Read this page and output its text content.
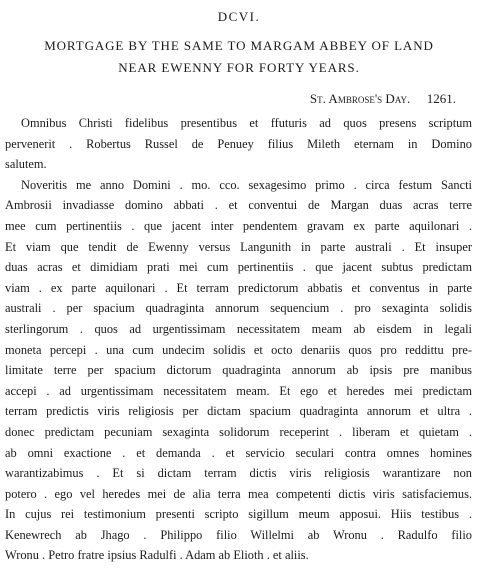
DCVI.
MORTGAGE BY THE SAME TO MARGAM ABBEY OF LAND
NEAR EWENNY FOR FORTY YEARS.
St. Ambrose's Day. 1261.
Omnibus Christi fidelibus presentibus et ffuturis ad quos presens scriptum
pervenerit . Robertus Russel de Penuey filius Mileth eternam in Domino
salutem.
Noveritis me anno Domini . mo. cco. sexagesimo primo . circa festum Sancti
Ambrosii invadiasse domino abbati . et conventui de Margan duas acras terre
mee cum pertinentiis . que jacent inter pendentem gravam ex parte aquilonari .
Et viam que tendit de Ewenny versus Langunith in parte australi . Et insuper
duas acras et dimidiam prati mei cum pertinentiis . que jacent subtus predictam
viam . ex parte aquilonari . Et terram predictorum abbatis et conventus in parte
australi . per spacium quadraginta annorum sequencium . pro sexaginta solidis
sterlingorum . quos ad urgentissimam necessitatem meam ab eisdem in legali
moneta percepi . una cum undecim solidis et octo denariis quos pro reddittu pre-
limitate terre per spacium dictorum quadraginta annorum ab ipsis pre manibus
accepi . ad urgentissimam necessitatem meam. Et ego et heredes mei predictam
terram predictis viris religiosis per dictam spacium quadraginta annorum et ultra .
donec predictam pecuniam sexaginta solidorum receperint . liberam et quietam .
ab omni exactione . et demanda . et servicio seculari contra omnes homines
warantizabimus . Et si dictam terram dictis viris religiosis warantizare non
potero . ego vel heredes mei de alia terra mea competenti dictis viris satisfaciemus.
In cujus rei testimonium presenti scripto sigillum meum apposui. Hiis testibus .
Kenewrech ab Jhago . Philippo filio Willelmi ab Wronu . Radulfo filio
Wronu . Petro fratre ipsius Radulfi . Adam ab Elioth . et aliis.
